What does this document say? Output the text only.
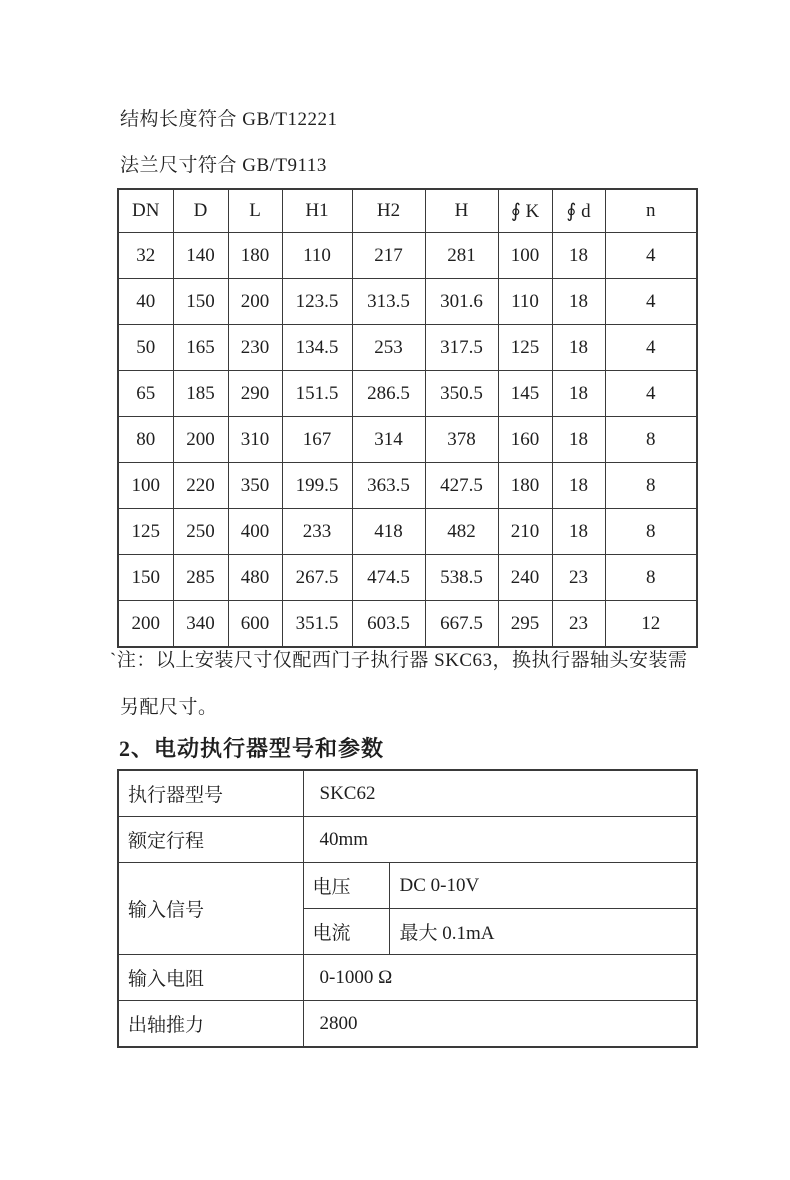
结构长度符合 GB/T12221
法兰尺寸符合 GB/T9113
DN	D	L	H1	H2	H	∮ K	∮ d	n
32	140	180	110	217	281	100	18	4
40	150	200	123.5	313.5	301.6	110	18	4
50	165	230	134.5	253	317.5	125	18	4
65	185	290	151.5	286.5	350.5	145	18	4
80	200	310	167	314	378	160	18	8
100	220	350	199.5	363.5	427.5	180	18	8
125	250	400	233	418	482	210	18	8
150	285	480	267.5	474.5	538.5	240	23	8
200	340	600	351.5	603.5	667.5	295	23	12
`注：以上安装尺寸仅配西门子执行器 SKC63，换执行器轴头安装需
另配尺寸。
2、电动执行器型号和参数
执行器型号	SKC62	
额定行程	40mm	
输入信号	电压	DC 0-10V
	电流	最大 0.1mA
输入电阻	0-1000 Ω	
出轴推力	2800	
